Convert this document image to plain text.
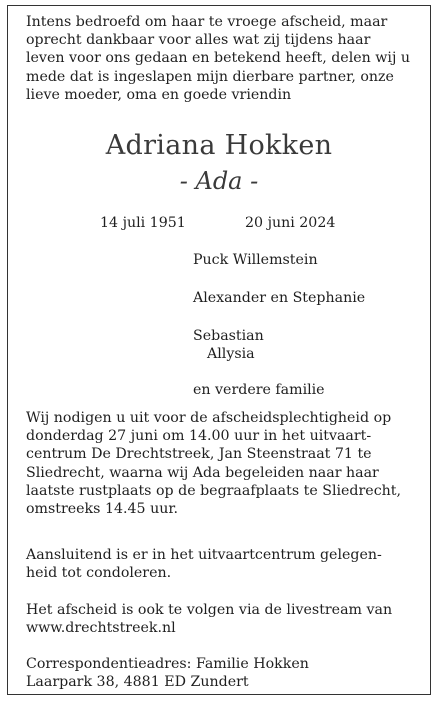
Intens bedroefd om haar te vroege afscheid, maar
oprecht dankbaar voor alles wat zij tijdens haar
leven voor ons gedaan en betekend heeft, delen wij u
mede dat is ingeslapen mijn dierbare partner, onze
lieve moeder, oma en goede vriendin

Adriana Hokken
- Ada -
14 juli 1951	20 juni 2024

Puck Willemstein

Alexander en Stephanie

Sebastian

Allysia

en verdere familie

Wij nodigen u uit voor de afscheidsplechtigheid op
donderdag 27 juni om 14.00 uur in het uitvaart-
centrum De Drechtstreek, Jan Steenstraat 71 te
Sliedrecht, waarna wij Ada begeleiden naar haar
laatste rustplaats op de begraafplaats te Sliedrecht,
omstreeks 14.45 uur.

Aansluitend is er in het uitvaartcentrum gelegen-
heid tot condoleren.

Het afscheid is ook te volgen via de livestream van
www.drechtstreek.nl

Correspondentieadres: Familie Hokken
Laarpark 38, 4881 ED Zundert
